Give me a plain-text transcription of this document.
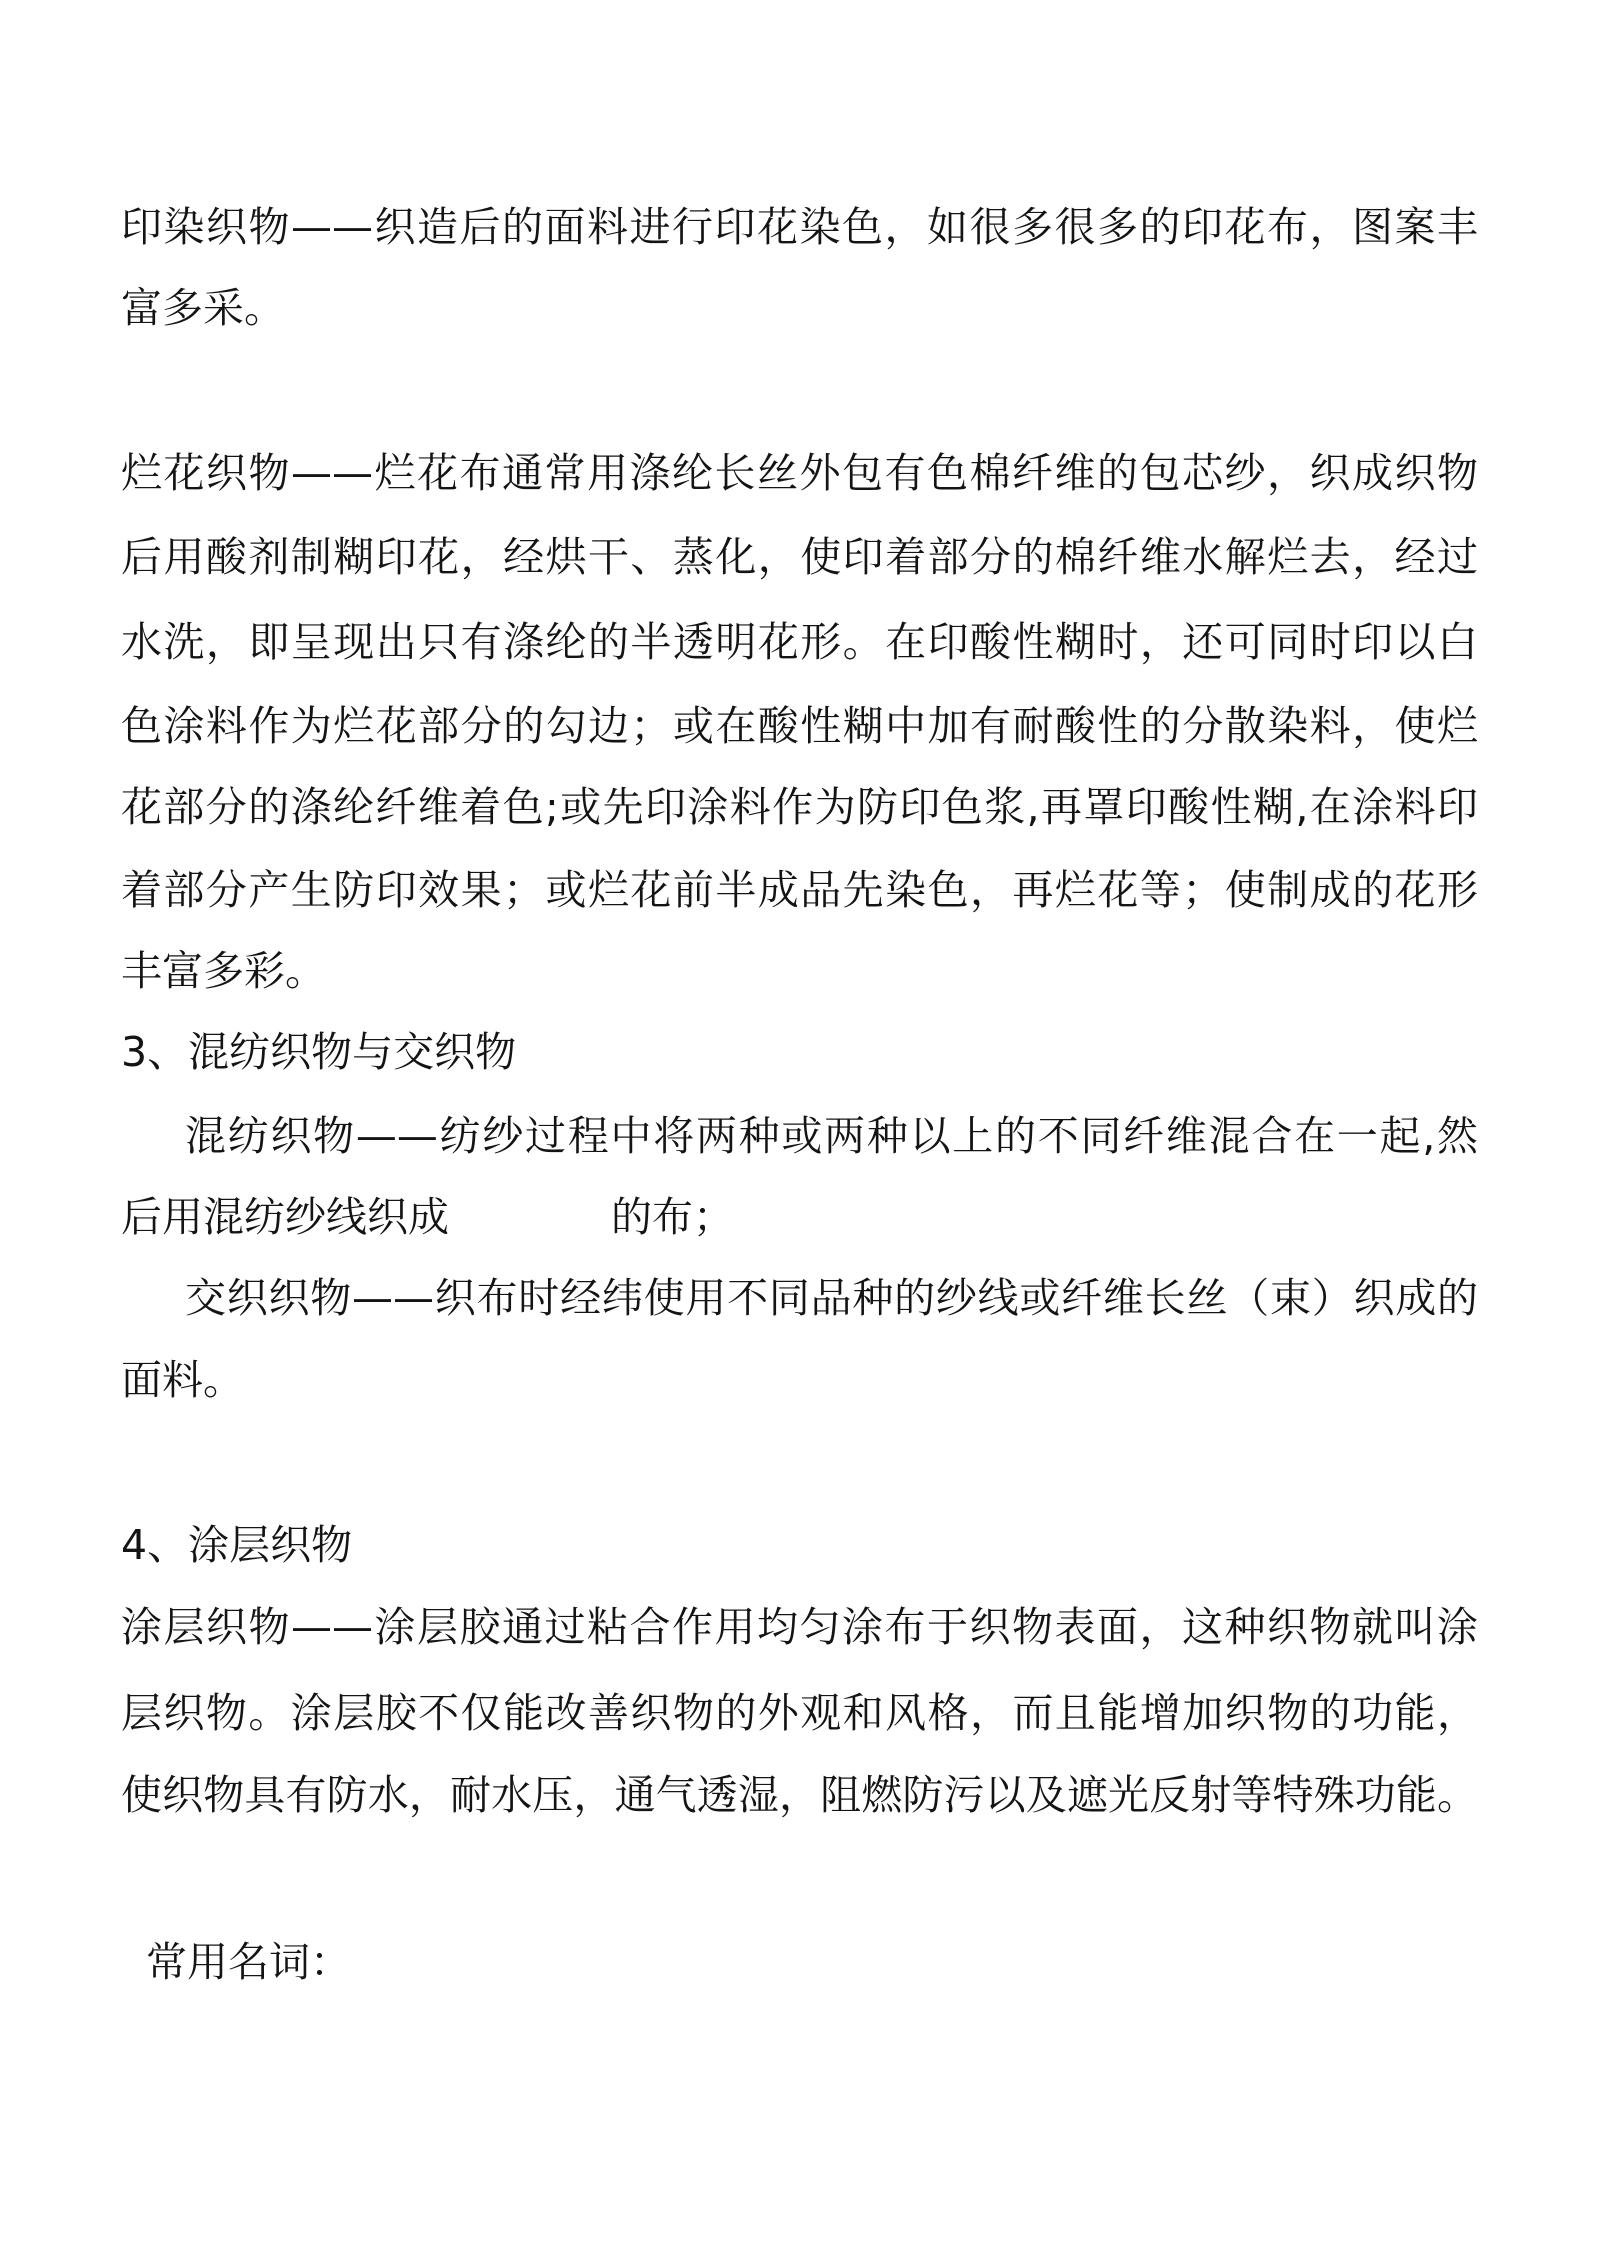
印染织物——织造后的面料进行印花染色，如很多很多的印花布，图案丰
富多采。
烂花织物——烂花布通常用涤纶长丝外包有色棉纤维的包芯纱，织成织物
后用酸剂制糊印花，经烘干、蒸化，使印着部分的棉纤维水解烂去，经过
水洗，即呈现出只有涤纶的半透明花形。在印酸性糊时，还可同时印以白
色涂料作为烂花部分的勾边；或在酸性糊中加有耐酸性的分散染料，使烂
花部分的涤纶纤维着色;或先印涂料作为防印色浆,再罩印酸性糊,在涂料印
着部分产生防印效果；或烂花前半成品先染色，再烂花等；使制成的花形
丰富多彩。
3、混纺织物与交织物
混纺织物——纺纱过程中将两种或两种以上的不同纤维混合在一起,然
后用混纺纱线织成	的布；
交织织物——织布时经纬使用不同品种的纱线或纤维长丝（束）织成的
面料。
4、涂层织物
涂层织物——涂层胶通过粘合作用均匀涂布于织物表面，这种织物就叫涂
层织物。涂层胶不仅能改善织物的外观和风格，而且能增加织物的功能，
使织物具有防水，耐水压，通气透湿，阻燃防污以及遮光反射等特殊功能。
常用名词：
